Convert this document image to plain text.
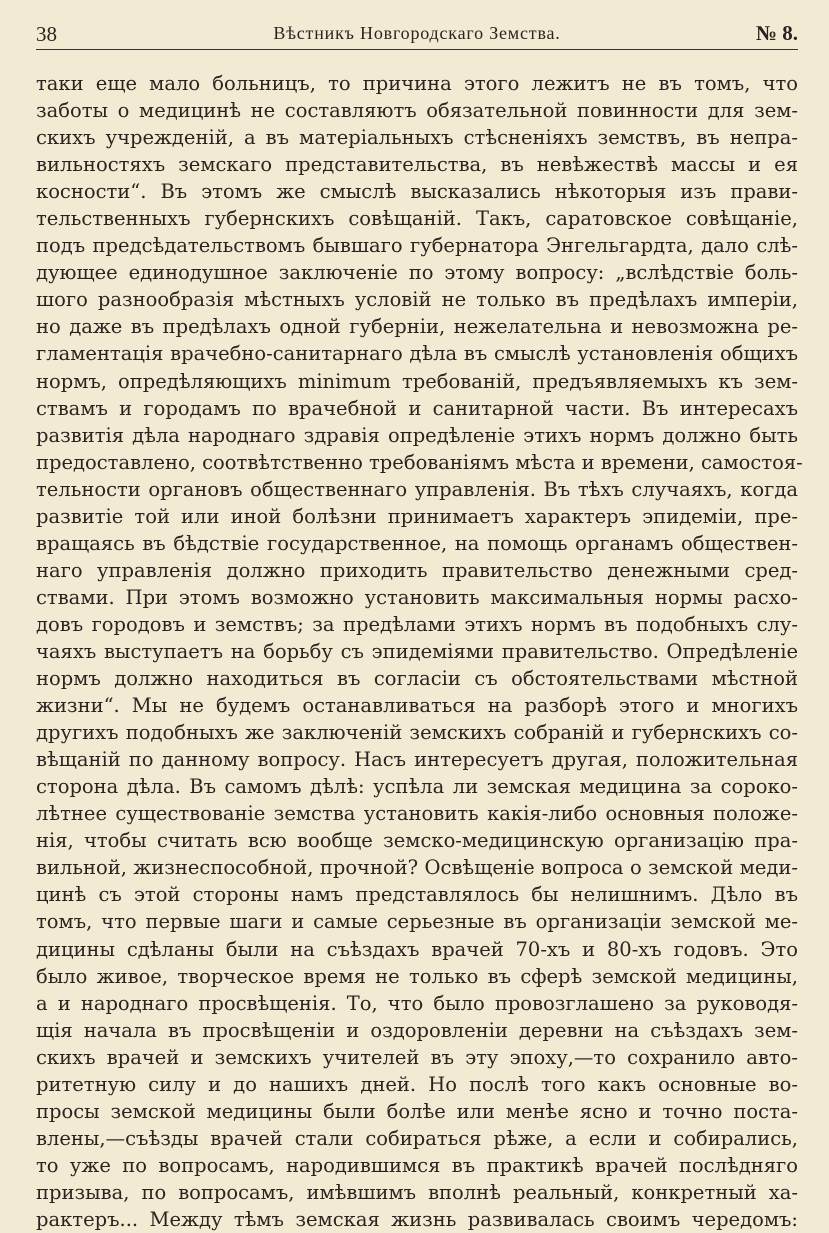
38	Вѣстникъ Новгородскаго Земства.	№ 8.
таки еще мало больницъ, то причина этого лежитъ не въ томъ, что
заботы о медицинѣ не составляютъ обязательной повинности для зем-
скихъ учрежденій, а въ матеріальныхъ стѣсненіяхъ земствъ, въ непра-
вильностяхъ земскаго представительства, въ невѣжествѣ массы и ея
косности“. Въ этомъ же смыслѣ высказались нѣкоторыя изъ прави-
тельственныхъ губернскихъ совѣщаній. Такъ, саратовское совѣщаніе,
подъ предсѣдательствомъ бывшаго губернатора Энгельгардта, дало слѣ-
дующее единодушное заключеніе по этому вопросу: „вслѣдствіе боль-
шого разнообразія мѣстныхъ условій не только въ предѣлахъ имперіи,
но даже въ предѣлахъ одной губерніи, нежелательна и невозможна ре-
гламентація врачебно-санитарнаго дѣла въ смыслѣ установленія общихъ
нормъ, опредѣляющихъ minimum требованій, предъявляемыхъ къ зем-
ствамъ и городамъ по врачебной и санитарной части. Въ интересахъ
развитія дѣла народнаго здравія опредѣленіе этихъ нормъ должно быть
предоставлено, соотвѣтственно требованіямъ мѣста и времени, самостоя-
тельности органовъ общественнаго управленія. Въ тѣхъ случаяхъ, когда
развитіе той или иной болѣзни принимаетъ характеръ эпидеміи, пре-
вращаясь въ бѣдствіе государственное, на помощь органамъ обществен-
наго управленія должно приходить правительство денежными сред-
ствами. При этомъ возможно установить максимальныя нормы расхо-
довъ городовъ и земствъ; за предѣлами этихъ нормъ въ подобныхъ слу-
чаяхъ выступаетъ на борьбу съ эпидеміями правительство. Опредѣленіе
нормъ должно находиться въ согласіи съ обстоятельствами мѣстной
жизни“. Мы не будемъ останавливаться на разборѣ этого и многихъ
другихъ подобныхъ же заключеній земскихъ собраній и губернскихъ со-
вѣщаній по данному вопросу. Насъ интересуетъ другая, положительная
сторона дѣла. Въ самомъ дѣлѣ: успѣла ли земская медицина за сороко-
лѣтнее существованіе земства установить какія-либо основныя положе-
нія, чтобы считать всю вообще земско-медицинскую организацію пра-
вильной, жизнеспособной, прочной? Освѣщеніе вопроса о земской меди-
цинѣ съ этой стороны намъ представлялось бы нелишнимъ. Дѣло въ
томъ, что первые шаги и самые серьезные въ организаціи земской ме-
дицины сдѣланы были на съѣздахъ врачей 70-хъ и 80-хъ годовъ. Это
было живое, творческое время не только въ сферѣ земской медицины,
а и народнаго просвѣщенія. То, что было провозглашено за руководя-
щія начала въ просвѣщеніи и оздоровленіи деревни на съѣздахъ зем-
скихъ врачей и земскихъ учителей въ эту эпоху,—то сохранило авто-
ритетную силу и до нашихъ дней. Но послѣ того какъ основные во-
просы земской медицины были болѣе или менѣе ясно и точно поста-
влены,—съѣзды врачей стали собираться рѣже, а если и собирались,
то уже по вопросамъ, народившимся въ практикѣ врачей послѣдняго
призыва, по вопросамъ, имѣвшимъ вполнѣ реальный, конкретный ха-
рактеръ... Между тѣмъ земская жизнь развивалась своимъ чередомъ:
